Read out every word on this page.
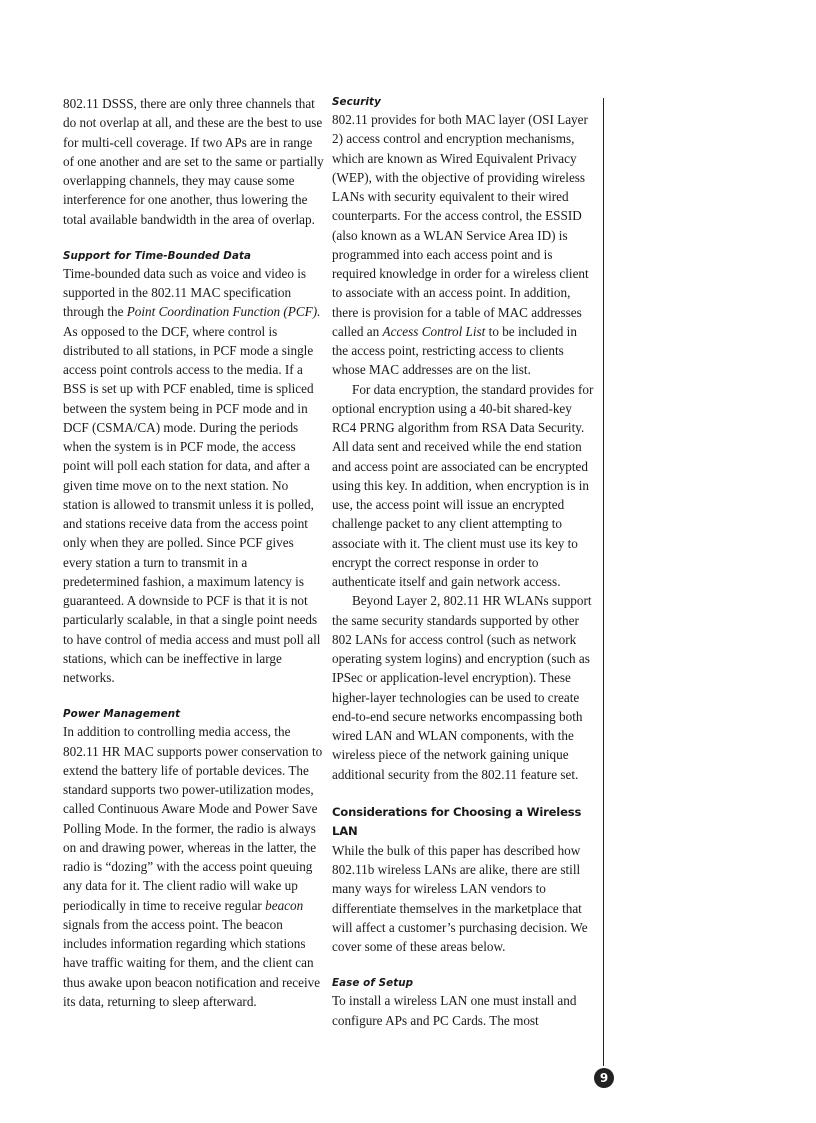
802.11 DSSS, there are only three channels that do not overlap at all, and these are the best to use for multi-cell coverage. If two APs are in range of one another and are set to the same or partially overlapping channels, they may cause some interference for one another, thus lowering the total available bandwidth in the area of overlap.

Support for Time-Bounded Data

Time-bounded data such as voice and video is supported in the 802.11 MAC specification through the Point Coordination Function (PCF). As opposed to the DCF, where control is distributed to all stations, in PCF mode a single access point controls access to the media. If a BSS is set up with PCF enabled, time is spliced between the system being in PCF mode and in DCF (CSMA/CA) mode. During the periods when the system is in PCF mode, the access point will poll each station for data, and after a given time move on to the next station. No station is allowed to transmit unless it is polled, and stations receive data from the access point only when they are polled. Since PCF gives every station a turn to transmit in a predetermined fashion, a maximum latency is guaranteed. A downside to PCF is that it is not particularly scalable, in that a single point needs to have control of media access and must poll all stations, which can be ineffective in large networks.

Power Management

In addition to controlling media access, the 802.11 HR MAC supports power conservation to extend the battery life of portable devices. The standard supports two power-utilization modes, called Continuous Aware Mode and Power Save Polling Mode. In the former, the radio is always on and drawing power, whereas in the latter, the radio is “dozing” with the access point queuing any data for it. The client radio will wake up periodically in time to receive regular beacon signals from the access point. The beacon includes information regarding which stations have traffic waiting for them, and the client can thus awake upon beacon notification and receive its data, returning to sleep afterward.

Security

802.11 provides for both MAC layer (OSI Layer 2) access control and encryption mechanisms, which are known as Wired Equivalent Privacy (WEP), with the objective of providing wireless LANs with security equivalent to their wired counterparts. For the access control, the ESSID (also known as a WLAN Service Area ID) is programmed into each access point and is required knowledge in order for a wireless client to associate with an access point. In addition, there is provision for a table of MAC addresses called an Access Control List to be included in the access point, restricting access to clients whose MAC addresses are on the list.

For data encryption, the standard provides for optional encryption using a 40-bit shared-key RC4 PRNG algorithm from RSA Data Security. All data sent and received while the end station and access point are associated can be encrypted using this key. In addition, when encryption is in use, the access point will issue an encrypted challenge packet to any client attempting to associate with it. The client must use its key to encrypt the correct response in order to authenticate itself and gain network access.

Beyond Layer 2, 802.11 HR WLANs support the same security standards supported by other 802 LANs for access control (such as network operating system logins) and encryption (such as IPSec or application-level encryption). These higher-layer technologies can be used to create end-to-end secure networks encompassing both wired LAN and WLAN components, with the wireless piece of the network gaining unique additional security from the 802.11 feature set.

Considerations for Choosing a Wireless LAN

While the bulk of this paper has described how 802.11b wireless LANs are alike, there are still many ways for wireless LAN vendors to differentiate themselves in the marketplace that will affect a customer’s purchasing decision. We cover some of these areas below.

Ease of Setup

To install a wireless LAN one must install and configure APs and PC Cards. The most

9
